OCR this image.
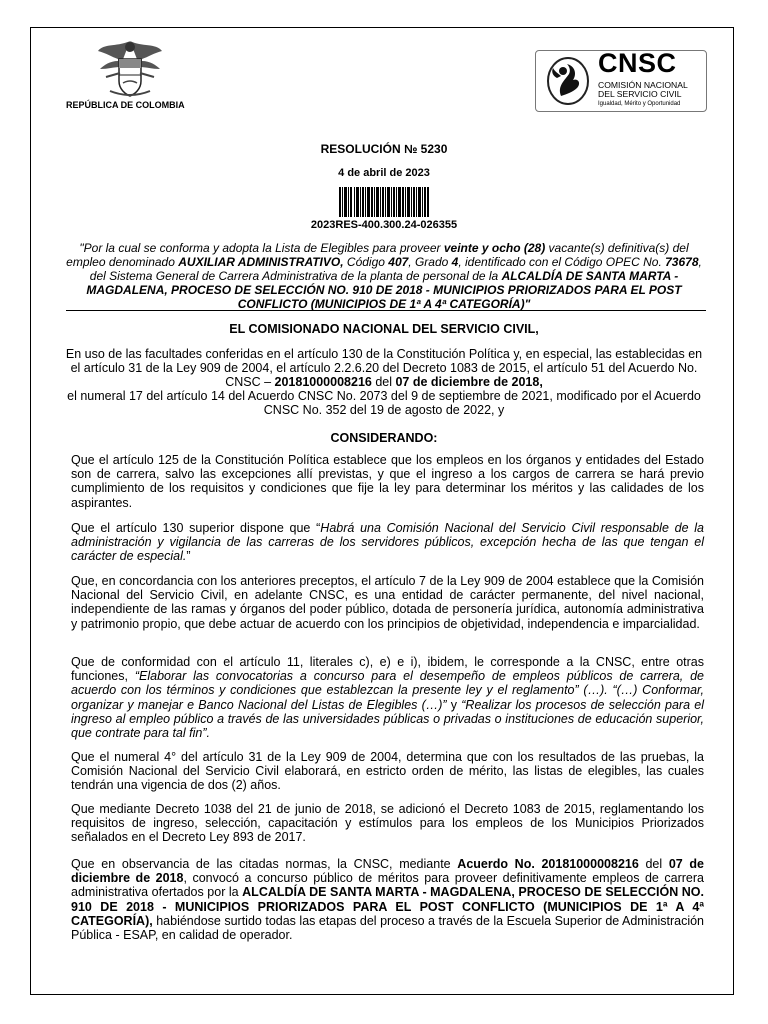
REPÚBLICA DE COLOMBIA
CNSC
COMISIÓN NACIONAL
DEL SERVICIO CIVIL
Igualdad, Mérito y Oportunidad
RESOLUCIÓN № 5230
4 de abril de 2023
2023RES-400.300.24-026355
"Por la cual se conforma y adopta la Lista de Elegibles para proveer veinte y ocho (28) vacante(s) definitiva(s) del empleo denominado AUXILIAR ADMINISTRATIVO, Código 407, Grado 4, identificado con el Código OPEC No. 73678, del Sistema General de Carrera Administrativa de la planta de personal de la ALCALDÍA DE SANTA MARTA - MAGDALENA, PROCESO DE SELECCIÓN NO. 910 DE 2018 - MUNICIPIOS PRIORIZADOS PARA EL POST CONFLICTO (MUNICIPIOS DE 1ª A 4ª CATEGORÍA)"
EL COMISIONADO NACIONAL DEL SERVICIO CIVIL,
En uso de las facultades conferidas en el artículo 130 de la Constitución Política y, en especial, las establecidas en el artículo 31 de la Ley 909 de 2004, el artículo 2.2.6.20 del Decreto 1083 de 2015, el artículo 51 del Acuerdo No. CNSC – 20181000008216 del 07 de diciembre de 2018,
el numeral 17 del artículo 14 del Acuerdo CNSC No. 2073 del 9 de septiembre de 2021, modificado por el Acuerdo CNSC No. 352 del 19 de agosto de 2022, y
CONSIDERANDO:
Que el artículo 125 de la Constitución Política establece que los empleos en los órganos y entidades del Estado son de carrera, salvo las excepciones allí previstas, y que el ingreso a los cargos de carrera se hará previo cumplimiento de los requisitos y condiciones que fije la ley para determinar los méritos y las calidades de los aspirantes.
Que el artículo 130 superior dispone que “Habrá una Comisión Nacional del Servicio Civil responsable de la administración y vigilancia de las carreras de los servidores públicos, excepción hecha de las que tengan el carácter de especial.”
Que, en concordancia con los anteriores preceptos, el artículo 7 de la Ley 909 de 2004 establece que la Comisión Nacional del Servicio Civil, en adelante CNSC, es una entidad de carácter permanente, del nivel nacional, independiente de las ramas y órganos del poder público, dotada de personería jurídica, autonomía administrativa y patrimonio propio, que debe actuar de acuerdo con los principios de objetividad, independencia e imparcialidad.
Que de conformidad con el artículo 11, literales c), e) e i), ibidem, le corresponde a la CNSC, entre otras funciones, “Elaborar las convocatorias a concurso para el desempeño de empleos públicos de carrera, de acuerdo con los términos y condiciones que establezcan la presente ley y el reglamento” (…). “(…) Conformar, organizar y manejar e Banco Nacional del Listas de Elegibles (…)” y “Realizar los procesos de selección para el ingreso al empleo público a través de las universidades públicas o privadas o instituciones de educación superior, que contrate para tal fin”.
Que el numeral 4° del artículo 31 de la Ley 909 de 2004, determina que con los resultados de las pruebas, la Comisión Nacional del Servicio Civil elaborará, en estricto orden de mérito, las listas de elegibles, las cuales tendrán una vigencia de dos (2) años.
Que mediante Decreto 1038 del 21 de junio de 2018, se adicionó el Decreto 1083 de 2015, reglamentando los requisitos de ingreso, selección, capacitación y estímulos para los empleos de los Municipios Priorizados señalados en el Decreto Ley 893 de 2017.
Que en observancia de las citadas normas, la CNSC, mediante Acuerdo No. 20181000008216 del 07 de diciembre de 2018, convocó a concurso público de méritos para proveer definitivamente empleos de carrera administrativa ofertados por la ALCALDÍA DE SANTA MARTA - MAGDALENA, PROCESO DE SELECCIÓN NO. 910 DE 2018 - MUNICIPIOS PRIORIZADOS PARA EL POST CONFLICTO (MUNICIPIOS DE 1ª A 4ª CATEGORÍA), habiéndose surtido todas las etapas del proceso a través de la Escuela Superior de Administración Pública - ESAP, en calidad de operador.
